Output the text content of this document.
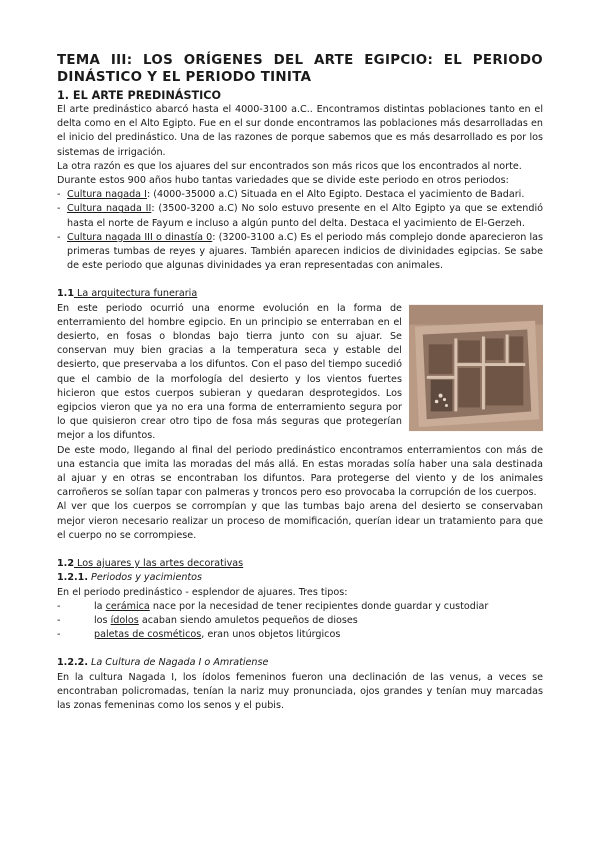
TEMA III: LOS ORÍGENES DEL ARTE EGIPCIO: EL PERIODO DINÁSTICO Y EL PERIODO TINITA
1. EL ARTE PREDINÁSTICO

El arte predinástico abarcó hasta el 4000-3100 a.C.. Encontramos distintas poblaciones tanto en el delta como en el Alto Egipto. Fue en el sur donde encontramos las poblaciones más desarrolladas en el inicio del predinástico. Una de las razones de porque sabemos que es más desarrollado es por los sistemas de irrigación.

La otra razón es que los ajuares del sur encontrados son más ricos que los encontrados al norte.

Durante estos 900 años hubo tantas variedades que se divide este periodo en otros periodos:

- Cultura nagada I: (4000-35000 a.C) Situada en el Alto Egipto. Destaca el yacimiento de Badari.
- Cultura nagada II: (3500-3200 a.C) No solo estuvo presente en el Alto Egipto ya que se extendió hasta el norte de Fayum e incluso a algún punto del delta. Destaca el yacimiento de El-Gerzeh.
- Cultura nagada III o dinastía 0: (3200-3100 a.C) Es el periodo más complejo donde aparecieron las primeras tumbas de reyes y ajuares. También aparecen indicios de divinidades egipcias. Se sabe de este periodo que algunas divinidades ya eran representadas con animales.

1.1 La arquitectura funeraria

En este periodo ocurrió una enorme evolución en la forma de enterramiento del hombre egipcio. En un principio se enterraban en el desierto, en fosas o blondas bajo tierra junto con su ajuar. Se conservan muy bien gracias a la temperatura seca y estable del desierto, que preservaba a los difuntos. Con el paso del tiempo sucedió que el cambio de la morfología del desierto y los vientos fuertes hicieron que estos cuerpos subieran y quedaran desprotegidos. Los egipcios vieron que ya no era una forma de enterramiento segura por lo que quisieron crear otro tipo de fosa más seguras que protegerían mejor a los difuntos.

De este modo, llegando al final del periodo predinástico encontramos enterramientos con más de una estancia que imita las moradas del más allá. En estas moradas solía haber una sala destinada al ajuar y en otras se encontraban los difuntos. Para protegerse del viento y de los animales carroñeros se solían tapar con palmeras y troncos pero eso provocaba la corrupción de los cuerpos.

Al ver que los cuerpos se corrompían y que las tumbas bajo arena del desierto se conservaban mejor vieron necesario realizar un proceso de momificación, querían idear un tratamiento para que el cuerpo no se corrompiese.

1.2 Los ajuares y las artes decorativas

1.2.1. Periodos y yacimientos

En el periodo predinástico - esplendor de ajuares. Tres tipos:

-	la cerámica nace por la necesidad de tener recipientes donde guardar y custodiar
-	los ídolos acaban siendo amuletos pequeños de dioses
-	paletas de cosméticos, eran unos objetos litúrgicos

1.2.2. La Cultura de Nagada I o Amratiense

En la cultura Nagada I, los ídolos femeninos fueron una declinación de las venus, a veces se encontraban policromadas, tenían la nariz muy pronunciada, ojos grandes y tenían muy marcadas las zonas femeninas como los senos y el pubis.
